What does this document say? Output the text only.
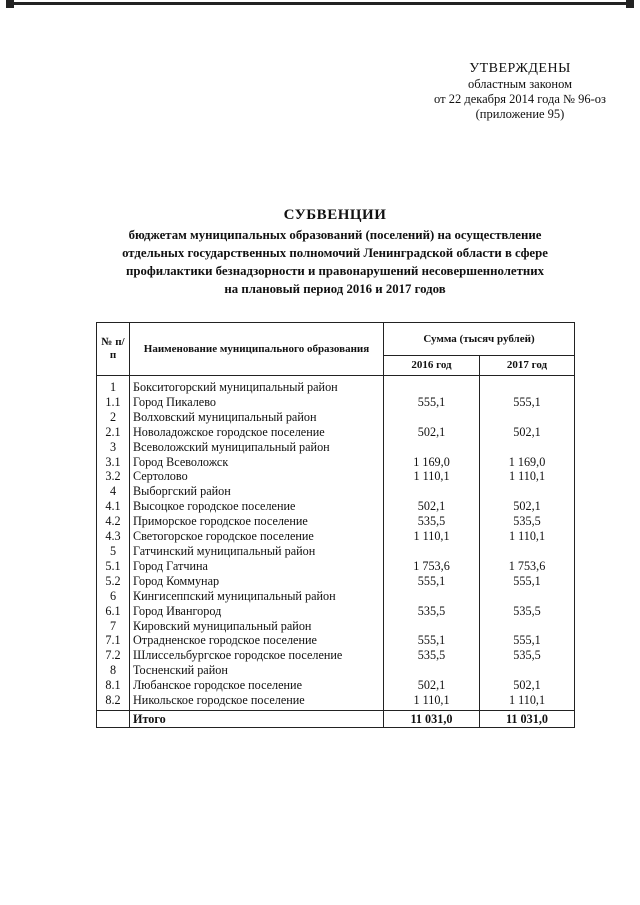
УТВЕРЖДЕНЫ
областным законом
от 22 декабря 2014 года № 96-оз
(приложение 95)
СУБВЕНЦИИ
бюджетам муниципальных образований (поселений) на осуществление
отдельных государственных полномочий Ленинградской области в сфере
профилактики безнадзорности и правонарушений несовершеннолетних
на плановый период 2016 и 2017 годов
№ п/п	Наименование муниципального образования	Сумма (тысяч рублей)	
		2016 год	2017 год

1	Бокситогорский муниципальный район		
1.1	Город Пикалево	555,1	555,1
2	Волховский муниципальный район		
2.1	Новоладожское городское поселение	502,1	502,1
3	Всеволожский муниципальный район		
3.1	Город Всеволожск	1 169,0	1 169,0
3.2	Сертолово	1 110,1	1 110,1
4	Выборгский район		
4.1	Высоцкое городское поселение	502,1	502,1
4.2	Приморское городское поселение	535,5	535,5
4.3	Светогорское городское поселение	1 110,1	1 110,1
5	Гатчинский муниципальный район		
5.1	Город Гатчина	1 753,6	1 753,6
5.2	Город Коммунар	555,1	555,1
6	Кингисеппский муниципальный район		
6.1	Город Ивангород	535,5	535,5
7	Кировский муниципальный район		
7.1	Отрадненское городское поселение	555,1	555,1
7.2	Шлиссельбургское городское поселение	535,5	535,5
8	Тосненский район		
8.1	Любанское городское поселение	502,1	502,1
8.2	Никольское городское поселение	1 110,1	1 110,1

	Итого	11 031,0	11 031,0
